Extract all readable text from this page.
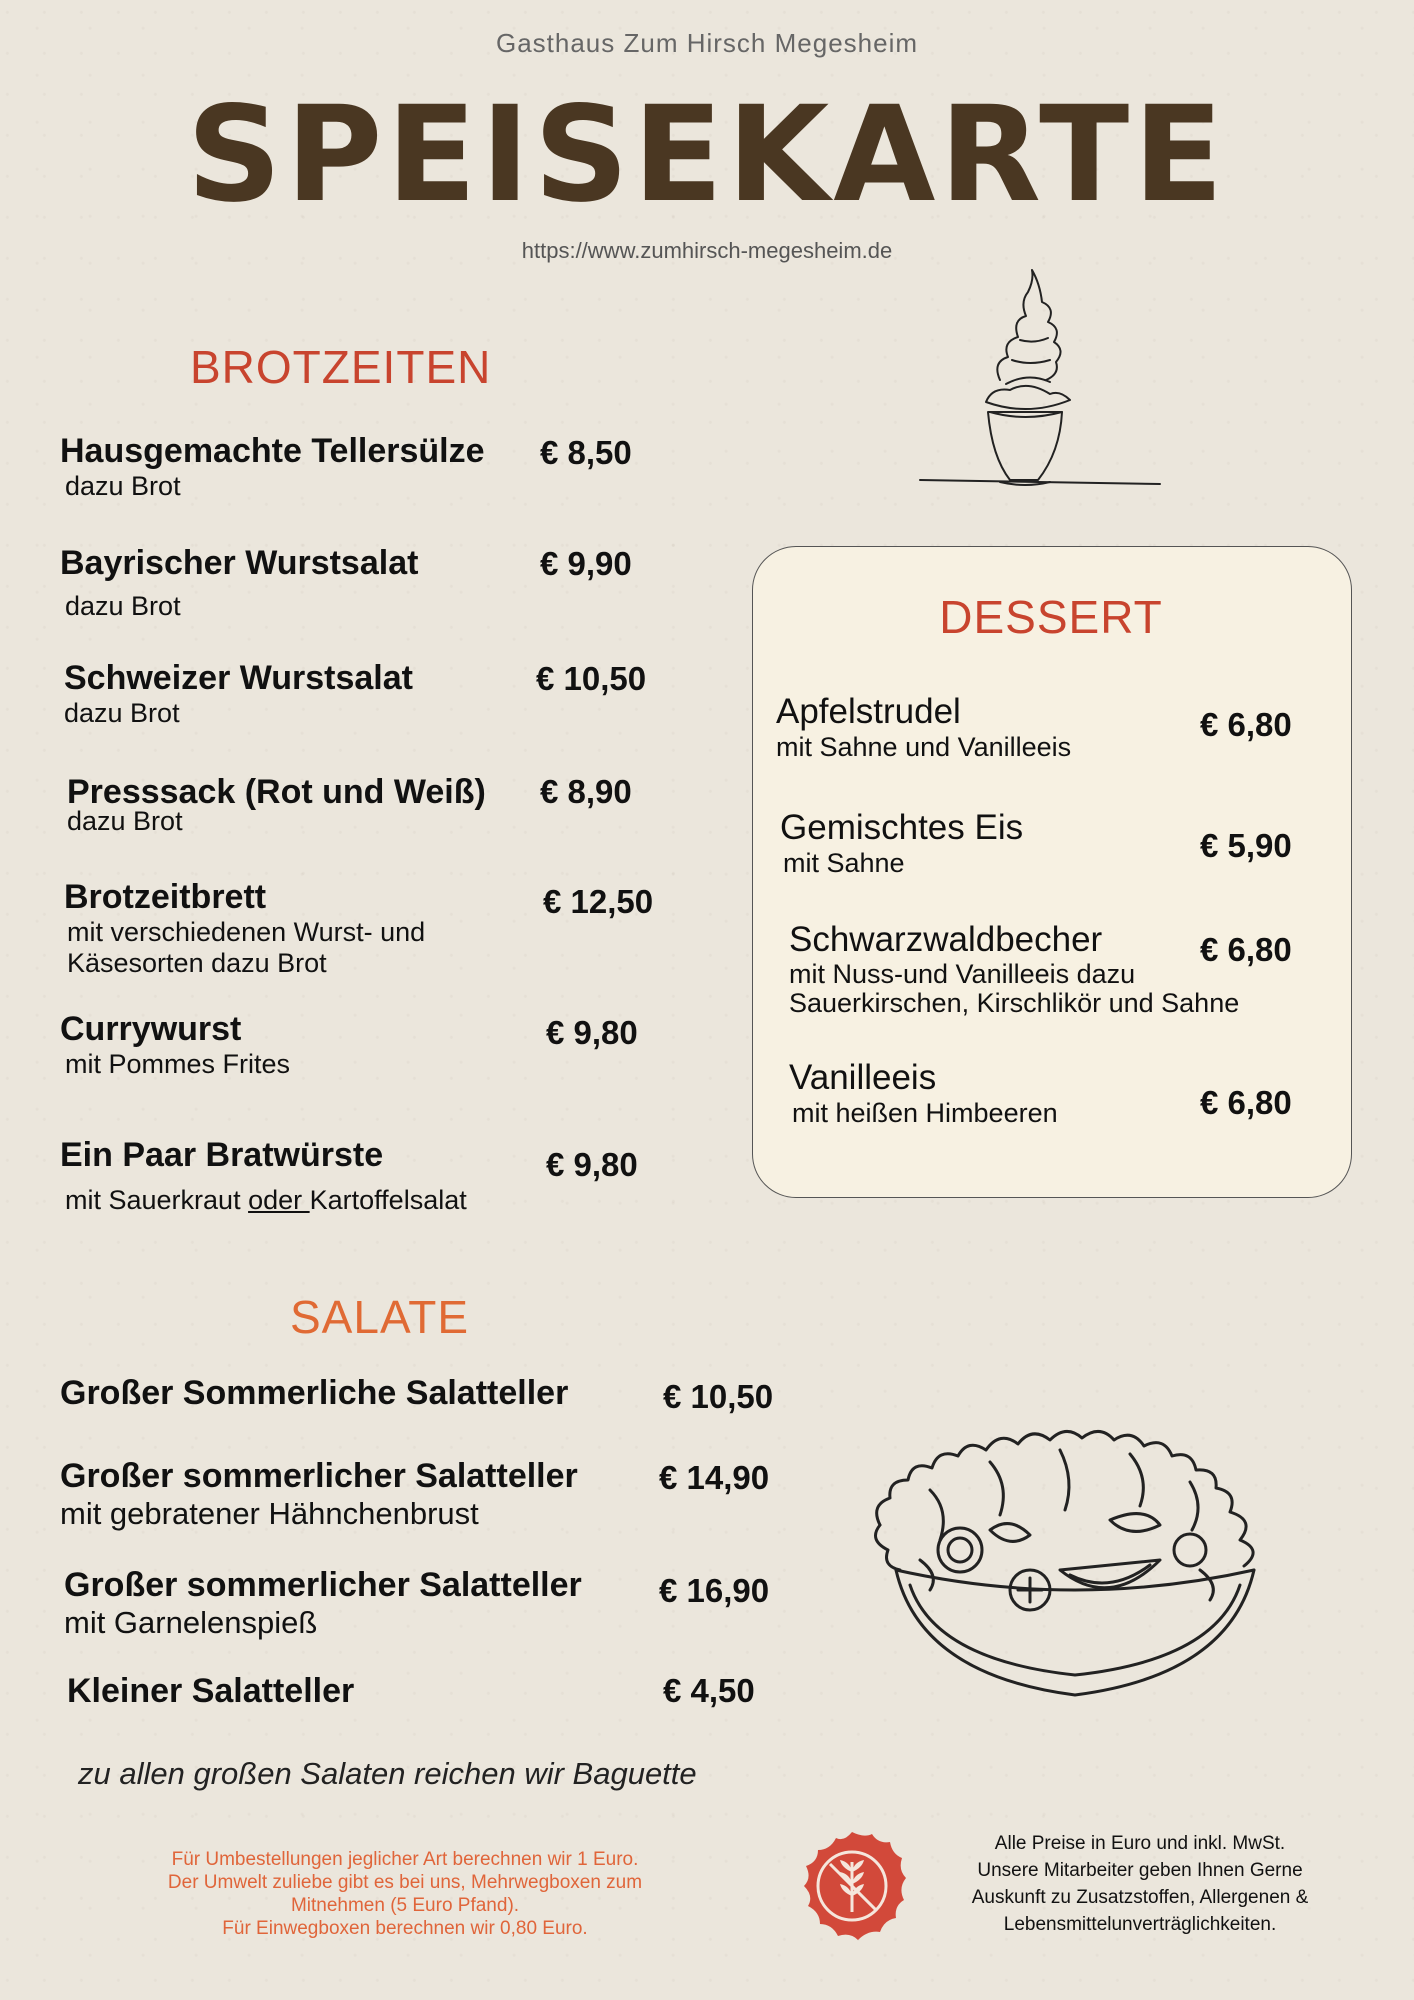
Gasthaus Zum Hirsch Megesheim
SPEISEKARTE
https://www.zumhirsch-megesheim.de
BROTZEITEN
Hausgemachte Tellersülze
dazu Brot
€ 8,50
Bayrischer Wurstsalat
dazu Brot
€ 9,90
Schweizer Wurstsalat
dazu Brot
€ 10,50
Presssack (Rot und Weiß)
dazu Brot
€ 8,90
Brotzeitbrett
mit verschiedenen Wurst- und
Käsesorten dazu Brot
€ 12,50
Currywurst
mit Pommes Frites
€ 9,80
Ein Paar Bratwürste
mit Sauerkraut oder Kartoffelsalat
€ 9,80
DESSERT
Apfelstrudel
mit Sahne und Vanilleeis
€ 6,80
Gemischtes Eis
mit Sahne	€ 5,90
Schwarzwaldbecher
mit Nuss-und Vanilleeis dazu
Sauerkirschen, Kirschlikör und Sahne
€ 6,80
Vanilleeis
mit heißen Himbeeren	€ 6,80
SALATE
Großer Sommerliche Salatteller	€ 10,50
Großer sommerlicher Salatteller
mit gebratener Hähnchenbrust
€ 14,90
Großer sommerlicher Salatteller
mit Garnelenspieß
€ 16,90
Kleiner Salatteller	€ 4,50
zu allen großen Salaten reichen wir Baguette
Für Umbestellungen jeglicher Art berechnen wir 1 Euro.
Der Umwelt zuliebe gibt es bei uns, Mehrwegboxen zum
Mitnehmen (5 Euro Pfand).
Für Einwegboxen berechnen wir 0,80 Euro.
Alle Preise in Euro und inkl. MwSt.
Unsere Mitarbeiter geben Ihnen Gerne
Auskunft zu Zusatzstoffen, Allergenen &
Lebensmittelunverträglichkeiten.
